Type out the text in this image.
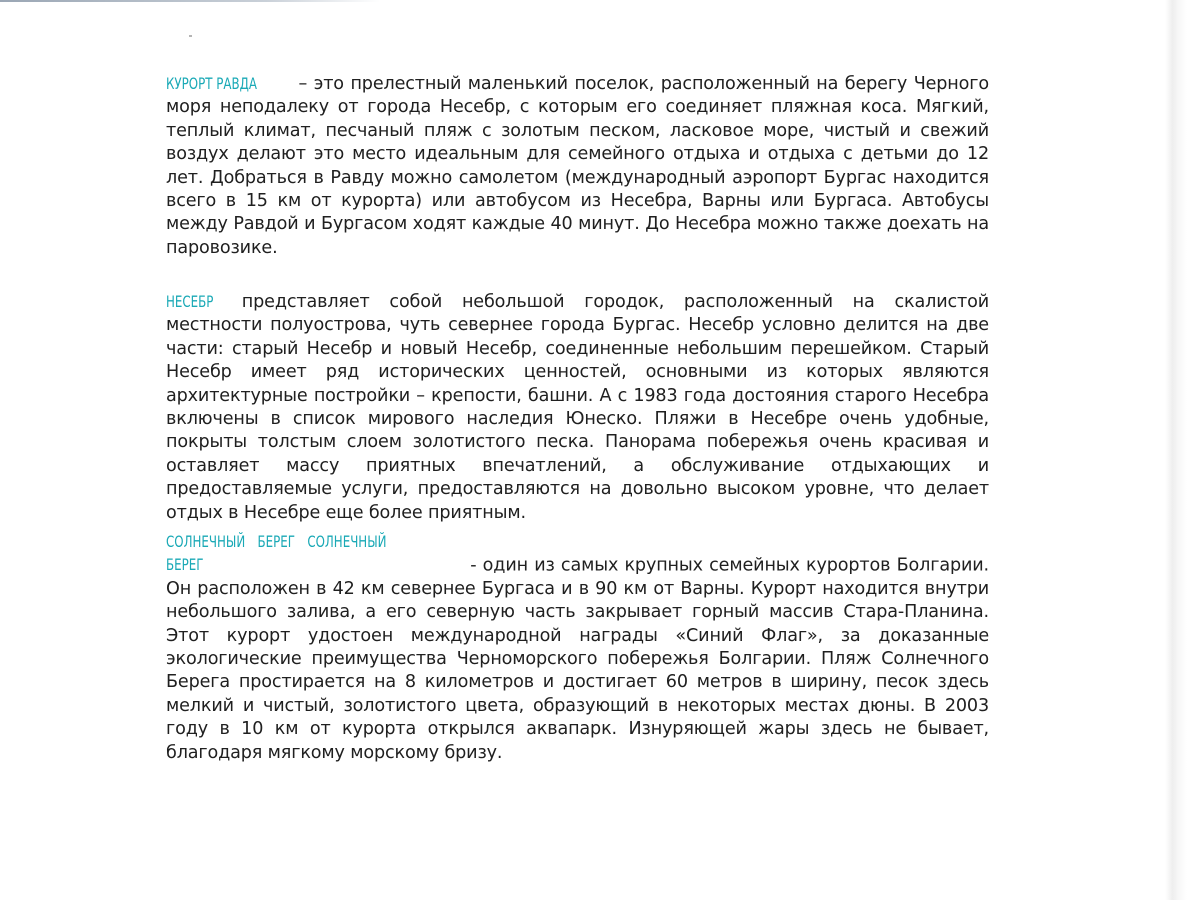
КУРОРТ РАВДА – это прелестный маленький поселок, расположенный на берегу Черного моря неподалеку от города Несебр, с которым его соединяет пляжная коса. Мягкий, теплый климат, песчаный пляж с золотым песком, ласковое море, чистый и свежий воздух делают это место идеальным для семейного отдыха и отдыха с детьми до 12 лет. Добраться в Равду можно самолетом (международный аэропорт Бургас находится всего в 15 км от курорта) или автобусом из Несебра, Варны или Бургаса. Автобусы между Равдой и Бургасом ходят каждые 40 минут. До Несебра можно также доехать на паровозике.
НЕСЕБР представляет собой небольшой городок, расположенный на скалистой местности полуострова, чуть севернее города Бургас. Несебр условно делится на две части: старый Несебр и новый Несебр, соединенные небольшим перешейком. Старый Несебр имеет ряд исторических ценностей, основными из которых являются архитектурные постройки – крепости, башни. А с 1983 года достояния старого Несебра включены в список мирового наследия Юнеско. Пляжи в Несебре очень удобные, покрыты толстым слоем золотистого песка. Панорама побережья очень красивая и оставляет массу приятных впечатлений, а обслуживание отдыхающих и предоставляемые услуги, предоставляются на довольно высоком уровне, что делает отдых в Несебре еще более приятным.
СОЛНЕЧНЫЙ БЕРЕГ СОЛНЕЧНЫЙ БЕРЕГ	- один из самых крупных семейных курортов Болгарии. Он расположен в 42 км севернее Бургаса и в 90 км от Варны. Курорт находится внутри небольшого залива, а его северную часть закрывает горный массив Стара-Планина. Этот курорт удостоен международной награды «Синий Флаг», за доказанные экологические преимущества Черноморского побережья Болгарии. Пляж Солнечного Берега простирается на 8 километров и достигает 60 метров в ширину, песок здесь мелкий и чистый, золотистого цвета, образующий в некоторых местах дюны. В 2003 году в 10 км от курорта открылся аквапарк. Изнуряющей жары здесь не бывает, благодаря мягкому морскому бризу.
